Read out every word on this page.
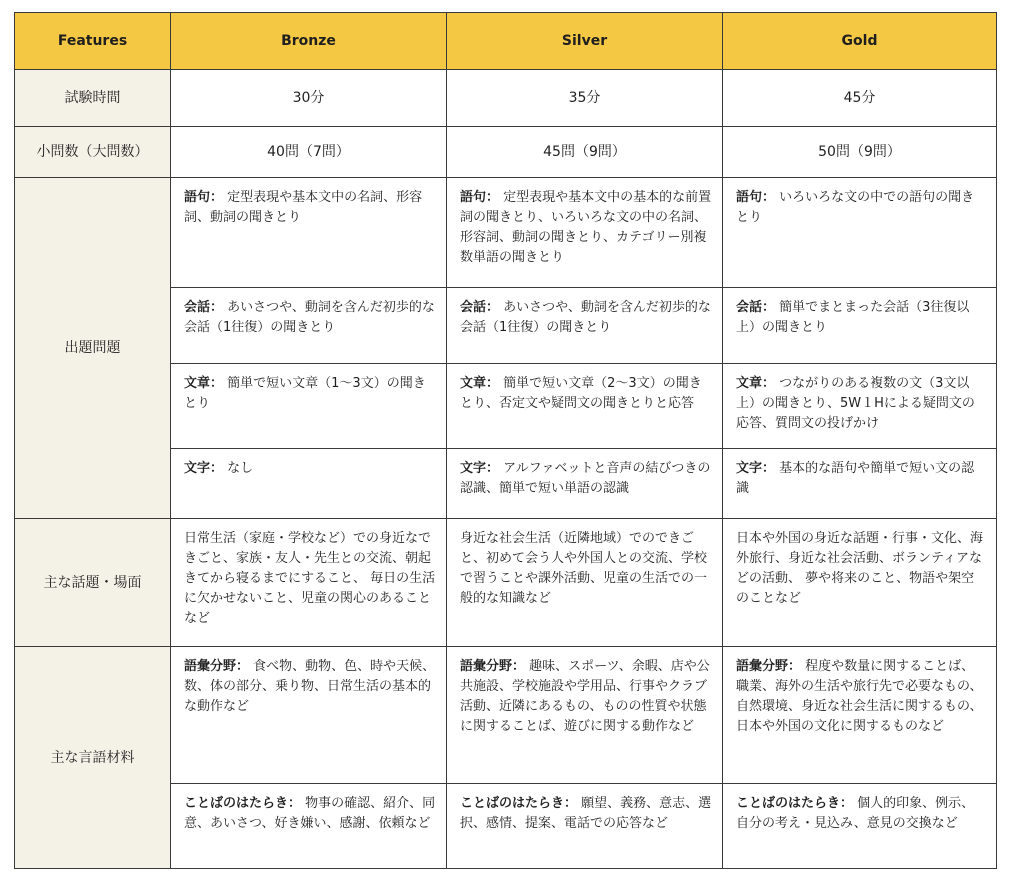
Features	Bronze	Silver	Gold
試験時間	30分	35分	45分
小問数（大問数）	40問（7問）	45問（9問）	50問（9問）
出題問題	語句： 定型表現や基本文中の名詞、形容詞、動詞の聞きとり	語句： 定型表現や基本文中の基本的な前置詞の聞きとり、いろいろな文の中の名詞、形容詞、動詞の聞きとり、カテゴリー別複数単語の聞きとり	語句： いろいろな文の中での語句の聞きとり
	会話： あいさつや、動詞を含んだ初歩的な会話（1往復）の聞きとり	会話： あいさつや、動詞を含んだ初歩的な会話（1往復）の聞きとり	会話： 簡単でまとまった会話（3往復以上）の聞きとり
	文章： 簡単で短い文章（1〜3文）の聞きとり	文章： 簡単で短い文章（2〜3文）の聞きとり、否定文や疑問文の聞きとりと応答	文章： つながりのある複数の文（3文以上）の聞きとり、5W１Hによる疑問文の応答、質問文の投げかけ
	文字： なし	文字： アルファベットと音声の結びつきの認識、簡単で短い単語の認識	文字： 基本的な語句や簡単で短い文の認識
主な話題・場面	日常生活（家庭・学校など）での身近なできごと、家族・友人・先生との交流、朝起きてから寝るまでにすること、 毎日の生活に欠かせないこと、児童の関心のあることなど	身近な社会生活（近隣地域）でのできごと、初めて会う人や外国人との交流、学校で習うことや課外活動、児童の生活での一般的な知識など	日本や外国の身近な話題・行事・文化、海外旅行、身近な社会活動、ボランティアなどの活動、 夢や将来のこと、物語や架空のことなど
主な言語材料	語彙分野： 食べ物、動物、色、時や天候、数、体の部分、乗り物、日常生活の基本的な動作など	語彙分野： 趣味、スポーツ、余暇、店や公共施設、学校施設や学用品、行事やクラブ活動、近隣にあるもの、ものの性質や状態に関することば、遊びに関する動作など	語彙分野： 程度や数量に関することば、職業、海外の生活や旅行先で必要なもの、自然環境、身近な社会生活に関するもの、日本や外国の文化に関するものなど
	ことばのはたらき： 物事の確認、紹介、同意、あいさつ、好き嫌い、感謝、依頼など	ことばのはたらき： 願望、義務、意志、選択、感情、提案、電話での応答など	ことばのはたらき： 個人的印象、例示、自分の考え・見込み、意見の交換など
